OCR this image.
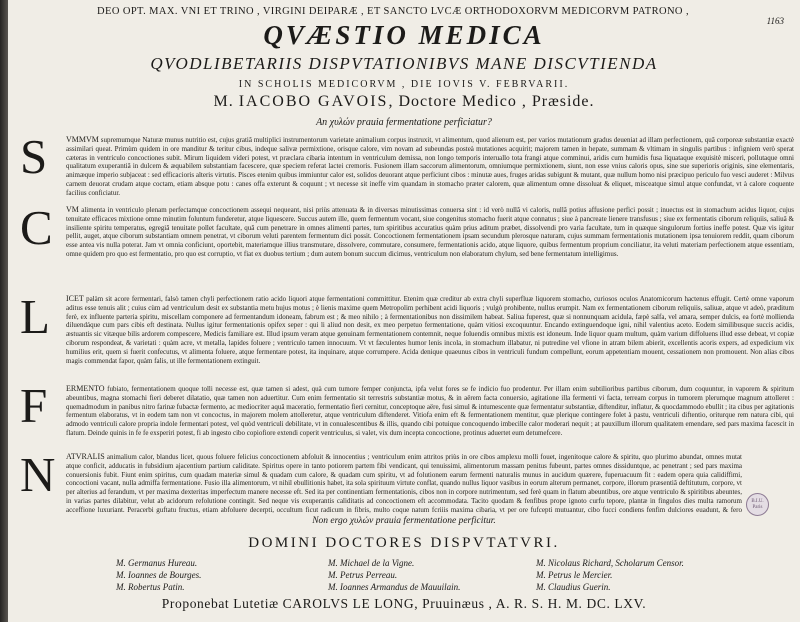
DEO OPT. MAX. VNI ET TRINO , VIRGINI DEIPARÆ , ET SANCTO LVCÆ ORTHODOXORVM MEDICORVM PATRONO ,
1163
QVÆSTIO MEDICA
QVODLIBETARIIS DISPVTATIONIBVS MANE DISCVTIENDA
IN SCHOLIS MEDICORVM , DIE IOVIS V. FEBRVARII.
M. IACOBO GAVOIS, Doctore Medico , Præside.
An χυλών prauia fermentatione perficiatur?
S VMMVM supremumque Naturæ munus nutritio est, cujus gratiâ multiplici instrumentorum varietate animalium corpus instruxit, vt alimentum, quod alienum est, per varios mutationum gradus deueniat ad illam perfectionem, quâ corporeæ substantiæ exactè assimilari queat. Primùm quidem in ore manditur & teritur cibus, indeque salivæ permixtione, orisque calore, vim novam ad subeundas posteà mutationes acquirit; majorem tamen in hepate, summam & vltimam in singulis partibus : infigniem verò sperat cæteras in ventriculo concoctiones subit. Mirum liquidem videri potest, vt præclara cibaria intentum in ventriculum demissa, non longo temporis interuallo tota frangi atque comminui, aridis cum humidis fusa liquataque exquisitè misceri, pollutaque omni qualitatum exuperantiâ in dulcem & æquabilem substantiam facescere, quæ speciem referat lactei cremoris. Fusionem illam saccorum alimentorum, omniumque permixtionem, siunt, non esse vnius caloris opus, sine sue superioris originis, sine elementaris, animæque imperio subjaceat : sed efficacioris alteris virtutis. Pisces etenim quibus immiuntur calor est, solidos deuorant atque perficiunt cibos : minutæ aues, fruges aridas subigunt & mutant, quæ nullum homo nisi præcipuo periculo fuo vesci auderet : Milvus carnem deuorat crudam atque coctam, etiam absque potu : canes offa exterunt & coquunt ; vt necesse sit ineffe vim quandam in stomacho præter calorem, quæ alimentum omne dissoluat & eliquet, misceatque simul atque confundat, vt à calore coquente facilius conficiatur.
C VM alimenta in ventriculo plenam perfectamque concoctionem assequi nequeant, nisi priùs attenuata & in diversas minutissimas conuersa sint : id verò nullâ vi caloris, nullâ potius affusione perfici possit ; inuectus est in stomachum acidus liquor, cujus tenuitate efficaces mixtione omne minutim foluntum funderetur, atque liquescere. Succus autem ille, quem fermentum vocant, siue congenitus stomacho fuerit atque connatus ; siue à pancreate lienere transfusus ; siue ex fermentatis ciborum reliquiis, saliuâ & insiliente spiritu temperatus, egregiâ tenuitate pollet facultate, quâ cum penetrare in omnes alimenti partes, tum spiritibus accuratius quàm prius aditum præbet, dissolvendi pro varia facultate, tum in quæque singulorum fortius ineffe potest. Quæ vis igitur pellit, auget, atque ciborum substantiam omnem penetrat, vt ciborum veluti parentem fermentum dici possit. Concoctionem fermentationem ipsam secundum plerosque naturam, cujus summam fermentationis mutationem ipsa tenuiorem reddit, quam ciborum esse antea vis nulla poterat. Jam vt omnia conficiunt, oportebit, materiamque illius transmutare, dissolvere, commutare, consumere, fermentationis acido, atque liquore, quibus fermentum proprium conciliatur, ita veluti materiam perfectionem atque essentiam, omne quidem pro quo est fermentatio, pro quo est corruptio, vt fiat ex duobus tertium ; dum autem bonum succum dicimus, ventriculum non elaboratum chylum, sed bene fermentatum intelligimus.
L ICET palàm sit acore fermentari, falsò tamen chyli perfectionem ratio acido liquori atque fermentationi committitur. Etenim quæ creditur ab extra chyli superfluæ liquorem stomacho, curiosos oculos Anatomicorum hactenus effugit. Certè omne vaporum aditus esse tenuis alit ; cuius cùm ad ventriculum desit ex substantia metu hujus motus ; è lienis maxime quem Metropolim perhibent acidi liquoris ; vulgò prohibente, nullus erumpit. Nam ex fermentationem ciborum reliquiis, saliuæ, atque vt adeò, præditum ferè, ex influente parteria spiritu, miscellam componere ad fermentandum idoneam, fabrum est ; & meo nihilo ; à fermentationibus non dissimilem habeat. Saliua fuperest, quæ si nonnunquam acidula, fæpè salfa, vel amara, semper dulcis, ea fortè mollienda diluendáque cum pars cibis eft destinata. Nullus igitur fermentationis opifex seper : qui li aliud non desit, ex meo perpetuo fermentatione, quàm vitiosi excoquuntur. Encando extinguendoque igni, nihil valentius aceto. Eodem similibusque succis acidis, æstuantis sic vitæque bilis ardorem compescere, Medicis familiare est. Illud ipsum veram atque genuinam fermentationem contemnit, neque foluendis omnibus mixtis est idoneum. Inde liquor quam multum, quàm varium diffoluens illud esse debeat, vt copiæ ciborum respondeat, & varietati : quàm acre, vt metalla, lapides foluere ; ventriculo tamen innocuum. Vt vt fæculentes humor lenis incola, in stomachum illabatur, ni putredine vel vfione in atram bilem abierit, excellentis acoris expers, ad expedicium vix humilius erit, quem si fuerit confecutus, vt alimenta foluere, atque fermentare potest, ita inquinare, atque corrumpere. Acida denique quaeunus cibos in ventriculi fundum compellunt, eorum appetentiam mouent, cessationem non promouent. Non alias cibos magis commendat fapor, quàm falis, ut ille fermentationem extinguit.
F ERMENTO fubiato, fermentationem quoque tolli necesse est, quæ tamen si adest, quà cum tumore femper conjuncta, ipfa velut fores se fe indicio fuo prodentur. Per illam enim subtilioribus partibus ciborum, dum coquuntur, in vaporem & spiritum abeuntibus, magna stomachi fieri deberet dilatatio, quæ tamen non aduertitur. Cum enim fermentatio sit terrestris substantiæ motus, & in aërem facta conuersio, agitatione illa fermenti vi facta, terream corpus in tumorem plerumque magnum attolleret : quemadmodum in panibus nitro farinæ fubactæ fermento, ac mediocriter aquâ maceratio, fermentatio fieri cernitur, conceptoque aëre, fusi simul & intumescente quæ fermentatur substantiæ, diftenditur, inflatur, & quocdammodo ebullit ; ita cibus per agitationis fermentum elaboratus, vt in eodem tam non vt concoctus, in majorem molem attolleretur, atque ventriculum diftenderet. Vitiofa enim eft & fermentationem mentitur, quæ plerique contingere folet à pastu, ventriculi diftentio, oriturque rem natura cibi, qui admodo ventriculi calore propria indole fermentari potest, vel quòd ventriculi debilitate, vt in conualescentibus & illis, quando cibi potuique concoquendo imbecille calor moderari nequit ; at pauxillum illorum qualitatem emendare, sed pars maxima facescit in flatum. Deinde quinis in fe fe exsperiri potest, fi ab ingesto cibo copiofiore extendi coperit ventriculus, si valet, vix dum incepta concoctione, protinus aduertet eum detumefcere.
N ATVRALIS animalium calor, blandus licet, quous foluere felicius concoctionem abfoluit & innocentius ; ventriculum enim attritos priùs in ore cibos amplexu molli fouet, ingenitoque calore & spiritu, quo plurimo abundat, omnes mutat atque conficit, adducatis in fubsidium ajacentium partium caliditate. Spiritus opere in tanto potiorem partem fibi vendicant, qui tenuissimi, alimentorum massam penitus fubeunt, partes omnes dissiduntque, ac penetrant ; sed pars maxima conuersionis fubit. Fiunt enim spiritus, cum quadam materiæ simul & quadam cum calore, & quadam cum spiritu, vt ad folutionem earum fermenti naturalis munus in aucidum quærere, fuperuacuum fit : eadem opera quia calidiffimi, concoctioni vacant, nulla admiffa fermentatione. Fusio illa alimentorum, vt nihil ebullitionis habet, ita sola spirituum virtute conflat, quando nullus liquor vasibus in eorum alterum permanet, corpore, illorum præsentiâ deftitutum, corpore, vt per alterius ad ferandum, vt per maxima dexteritas imperfectum manere necesse eft. Sed ita per continentiam fermentationis, cibos non in corpore nutrimentum, sed ferè quam in flatum abeuntibus, ore atque ventriculo & spiritibus abeuntes, in varias partes dilabitur, velut ab acidorum refolutione contingit. Sed neque vis exuperantis caliditatis ad concoctionem eft accommodata. Tacito quodam & fenfibus prope ignoto curfu tepore, plantæ in fingulos dies multa ramorum acceffione luxuriant. Peracerbi guftatu fructus, etiam abfoluere decerpti, occultum ficut radicum in fibris, multo coque natum fcriiis maxima cibaria, vt per ore fufcepti mutuantur, cibo fucci condiens fenfim dulciores euadunt, & fero
B.I.U. Paris
Non ergo χυλών prauia fermentatione perficitur.
DOMINI DOCTORES DISPVTATVRI.
M. Germanus Hureau.
M. Ioannes de Bourges.
M. Robertus Patin.
M. Michael de la Vigne.
M. Petrus Perreau.
M. Ioannes Armandus de Mauuilain.
M. Nicolaus Richard, Scholarum Censor.
M. Petrus le Mercier.
M. Claudius Guerin.
Proponebat Lutetiæ CAROLVS LE LONG, Pruuinæus , A. R. S. H. M. DC. LXV.
